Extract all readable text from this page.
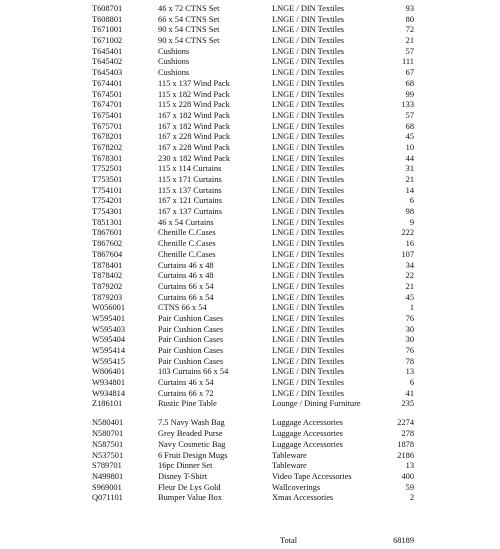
T608701	46 x 72 CTNS Set	LNGE / DIN Textiles	93
T608801	66 x 54 CTNS Set	LNGE / DIN Textiles	80
T671001	90 x 54 CTNS Set	LNGE / DIN Textiles	72
T671002	90 x 54 CTNS Set	LNGE / DIN Textiles	21
T645401	Cushions	LNGE / DIN Textiles	57
T645402	Cushions	LNGE / DIN Textiles	111
T645403	Cushions	LNGE / DIN Textiles	67
T674401	115 x 137 Wind Pack	LNGE / DIN Textiles	68
T674501	115 x 182 Wind Pack	LNGE / DIN Textiles	99
T674701	115 x 228 Wind Pack	LNGE / DIN Textiles	133
T675401	167 x 182 Wind Pack	LNGE / DIN Textiles	57
T675701	167 x 182 Wind Pack	LNGE / DIN Textiles	68
T678201	167 x 228 Wind Pack	LNGE / DIN Textiles	45
T678202	167 x 228 Wind Pack	LNGE / DIN Textiles	10
T678301	230 x 182 Wind Pack	LNGE / DIN Textiles	44
T752501	115 x 114 Curtains	LNGE / DIN Textiles	31
T753501	115 x 171 Curtains	LNGE / DIN Textiles	21
T754101	115 x 137 Curtains	LNGE / DIN Textiles	14
T754201	167 x 121 Curtains	LNGE / DIN Textiles	6
T754301	167 x 137 Curtains	LNGE / DIN Textiles	98
T851301	46 x 54 Curtains	LNGE / DIN Textiles	9
T867601	Chenille C.Cases	LNGE / DIN Textiles	222
T867602	Chenille C.Cases	LNGE / DIN Textiles	16
T867604	Chenille C.Cases	LNGE / DIN Textiles	107
T878401	Curtains 46 x 48	LNGE / DIN Textiles	34
T878402	Curtains 46 x 48	LNGE / DIN Textiles	22
T879202	Curtains 66 x 54	LNGE / DIN Textiles	21
T879203	Curtains 66 x 54	LNGE / DIN Textiles	45
W056001	CTNS 66 x 54	LNGE / DIN Textiles	1
W595401	Pair Cushion Cases	LNGE / DIN Textiles	76
W595403	Pair Cushion Cases	LNGE / DIN Textiles	30
W595404	Pair Cushion Cases	LNGE / DIN Textiles	30
W595414	Pair Cushion Cases	LNGE / DIN Textiles	76
W595415	Pair Cushion Cases	LNGE / DIN Textiles	78
W806401	103 Curtains 66 x 54	LNGE / DIN Textiles	13
W934801	Curtains 46 x 54	LNGE / DIN Textiles	6
W934814	Curtains 66 x 72	LNGE / DIN Textiles	41
Z186101	Rustic Pine Table	Lounge / Dining Furniture	235
N580401	7.5 Navy Wash Bag	Luggage Accessories	2274
N580701	Grey Beaded Purse	Luggage Accessories	278
N587501	Navy Cosmetic Bag	Luggage Accessories	1878
N537501	6 Fruit Design Mugs	Tableware	2186
S789701	16pc Dinner Set	Tableware	13
N499801	Disney T-Shirt	Video Tape Accessories	400
S969001	Fleur De Lys Gold	Wallcoverings	59
Q071101	Bumper Value Box	Xmas Accessories	2
Total	68189
